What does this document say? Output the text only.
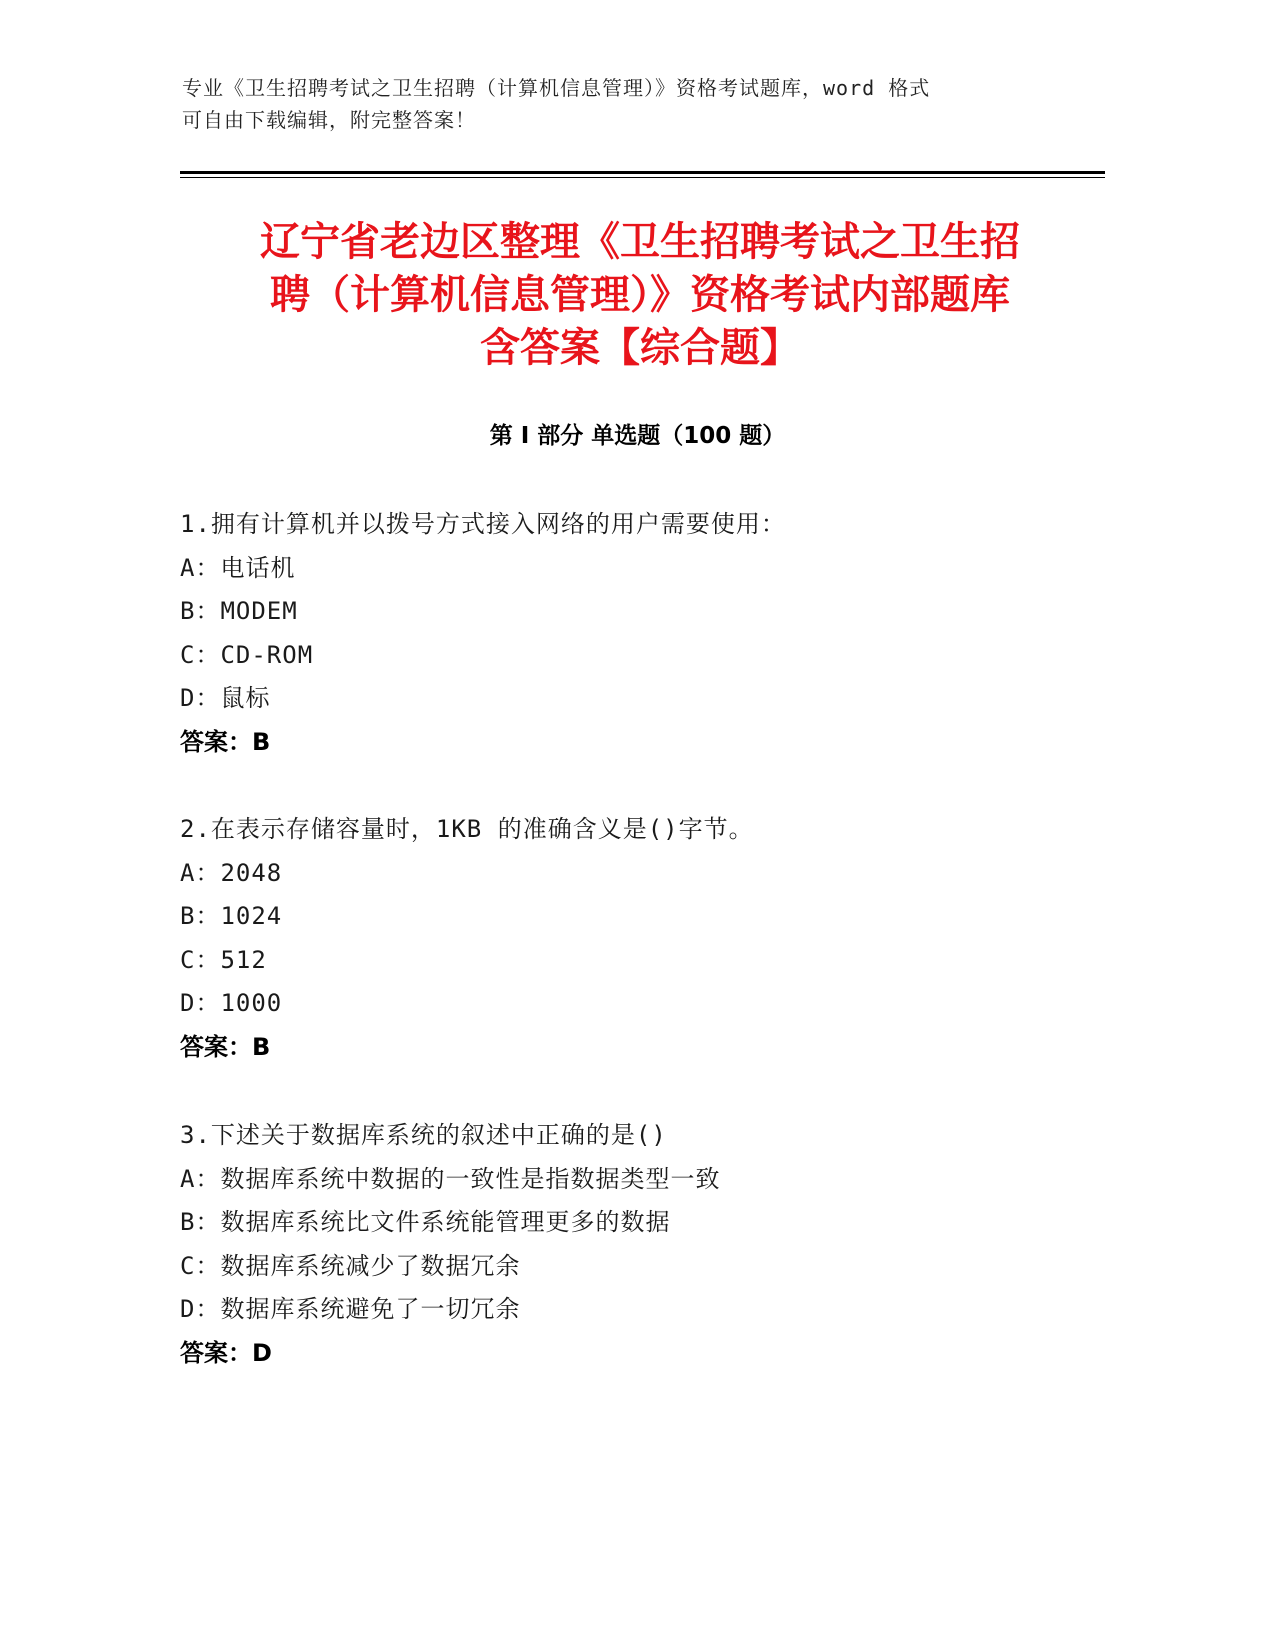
专业《卫生招聘考试之卫生招聘（计算机信息管理）》资格考试题库，word 格式
可自由下载编辑，附完整答案！
辽宁省老边区整理《卫生招聘考试之卫生招
聘（计算机信息管理）》资格考试内部题库
含答案【综合题】
第 I 部分 单选题（100 题）
1.拥有计算机并以拨号方式接入网络的用户需要使用：
A：电话机
B：MODEM
C：CD-ROM
D：鼠标
答案：B
2.在表示存储容量时，1KB 的准确含义是()字节。
A：2048
B：1024
C：512
D：1000
答案：B
3.下述关于数据库系统的叙述中正确的是()
A：数据库系统中数据的一致性是指数据类型一致
B：数据库系统比文件系统能管理更多的数据
C：数据库系统减少了数据冗余
D：数据库系统避免了一切冗余
答案：D
